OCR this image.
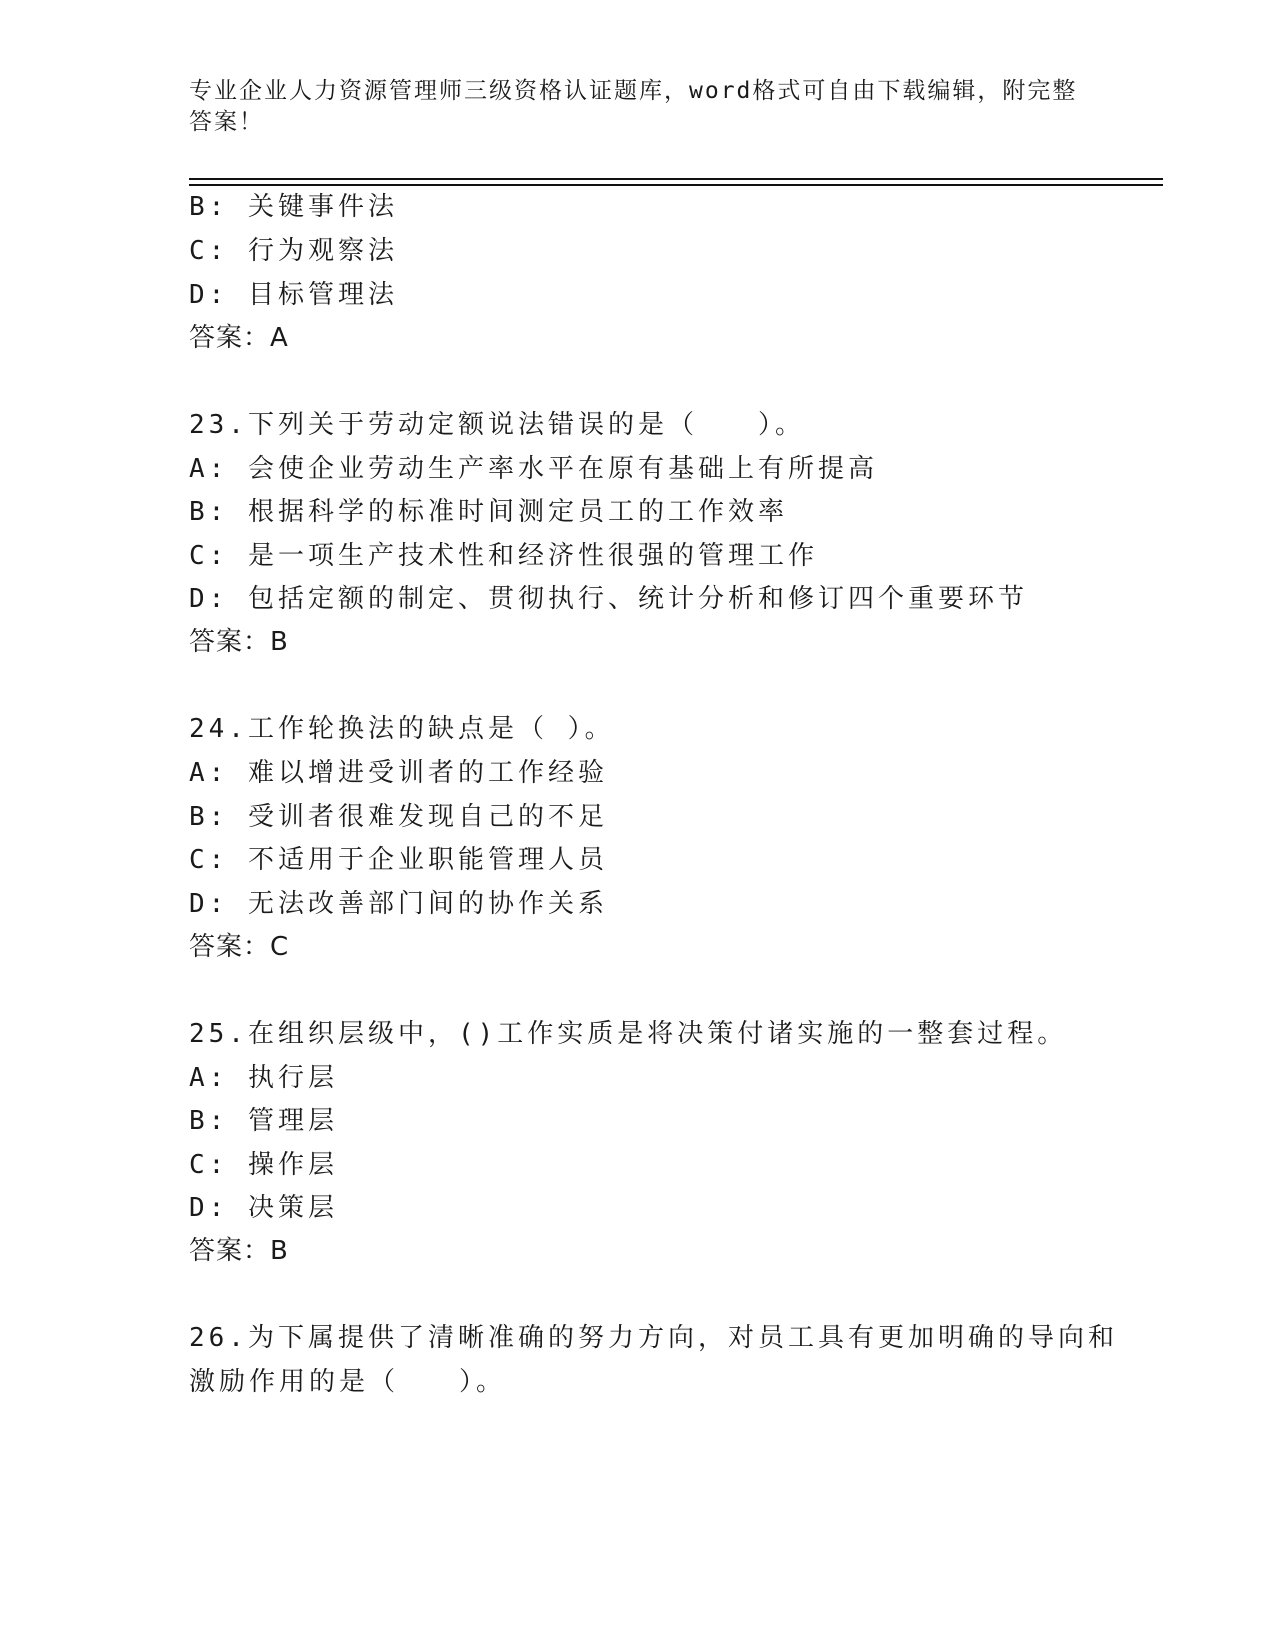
专业企业人力资源管理师三级资格认证题库，word格式可自由下载编辑，附完整答案！
B: 关键事件法
C: 行为观察法
D: 目标管理法
答案：A
23.下列关于劳动定额说法错误的是（　　）。
A: 会使企业劳动生产率水平在原有基础上有所提高
B: 根据科学的标准时间测定员工的工作效率
C: 是一项生产技术性和经济性很强的管理工作
D: 包括定额的制定、贯彻执行、统计分析和修订四个重要环节
答案：B
24.工作轮换法的缺点是（ ）。
A: 难以增进受训者的工作经验
B: 受训者很难发现自己的不足
C: 不适用于企业职能管理人员
D: 无法改善部门间的协作关系
答案：C
25.在组织层级中，()工作实质是将决策付诸实施的一整套过程。
A: 执行层
B: 管理层
C: 操作层
D: 决策层
答案：B
26.为下属提供了清晰准确的努力方向，对员工具有更加明确的导向和
激励作用的是（　　）。
